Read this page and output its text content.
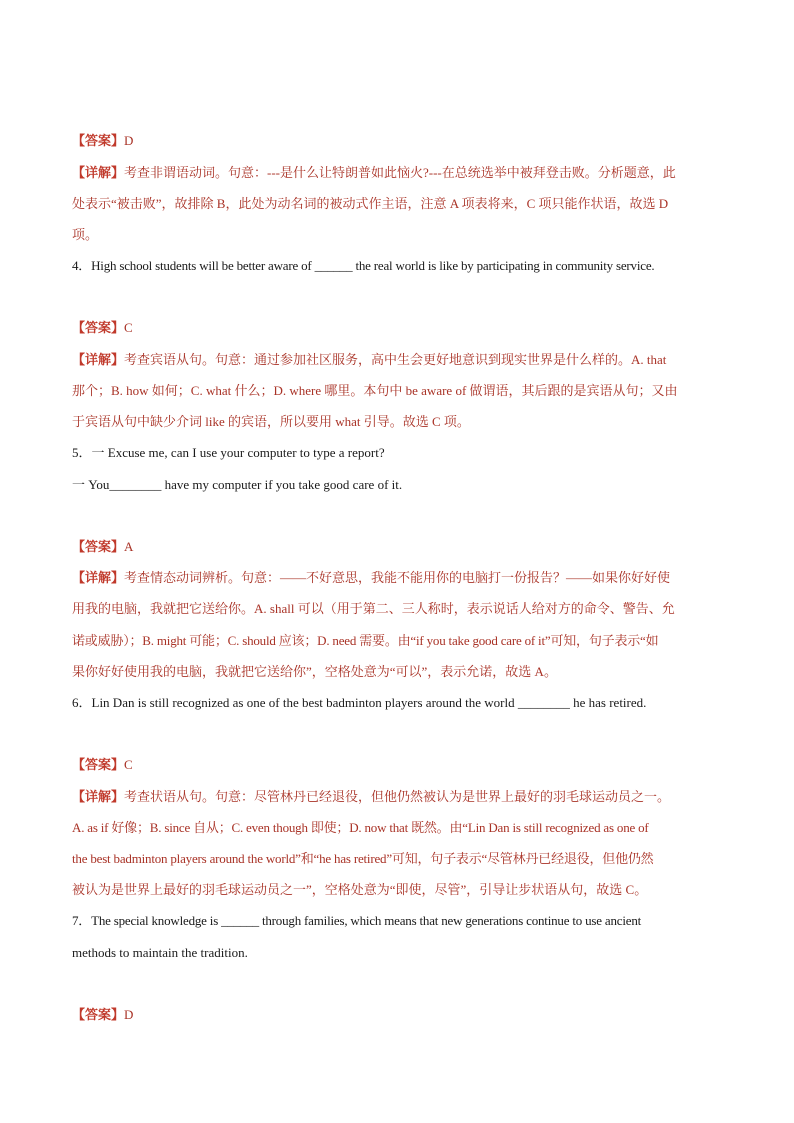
【答案】D
【详解】考查非谓语动词。句意：---是什么让特朗普如此恼火?---在总统选举中被拜登击败。分析题意，此
处表示“被击败”，故排除 B，此处为动名词的被动式作主语，注意 A 项表将来，C 项只能作状语，故选 D
项。
4．High school students will be better aware of ______ the real world is like by participating in community service.
【答案】C
【详解】考查宾语从句。句意：通过参加社区服务，高中生会更好地意识到现实世界是什么样的。A. that
那个；B. how 如何；C. what 什么；D. where 哪里。本句中 be aware of 做谓语，其后跟的是宾语从句；又由
于宾语从句中缺少介词 like 的宾语，所以要用 what 引导。故选 C 项。
5．一 Excuse me, can I use your computer to type a report?
一 You________ have my computer if you take good care of it.
【答案】A
【详解】考查情态动词辨析。句意：——不好意思，我能不能用你的电脑打一份报告？——如果你好好使
用我的电脑，我就把它送给你。A. shall 可以（用于第二、三人称时，表示说话人给对方的命令、警告、允
诺或威胁）；B. might 可能；C. should 应该；D. need 需要。由“if you take good care of it”可知，句子表示“如
果你好好使用我的电脑，我就把它送给你”，空格处意为“可以”，表示允诺，故选 A。
6．Lin Dan is still recognized as one of the best badminton players around the world ________ he has retired.
【答案】C
【详解】考查状语从句。句意：尽管林丹已经退役，但他仍然被认为是世界上最好的羽毛球运动员之一。
A. as if 好像；B. since 自从；C. even though 即使；D. now that 既然。由“Lin Dan is still recognized as one of
the best badminton players around the world”和“he has retired”可知，句子表示“尽管林丹已经退役，但他仍然
被认为是世界上最好的羽毛球运动员之一”，空格处意为“即使，尽管”，引导让步状语从句，故选 C。
7．The special knowledge is ______ through families, which means that new generations continue to use ancient
methods to maintain the tradition.
【答案】D
